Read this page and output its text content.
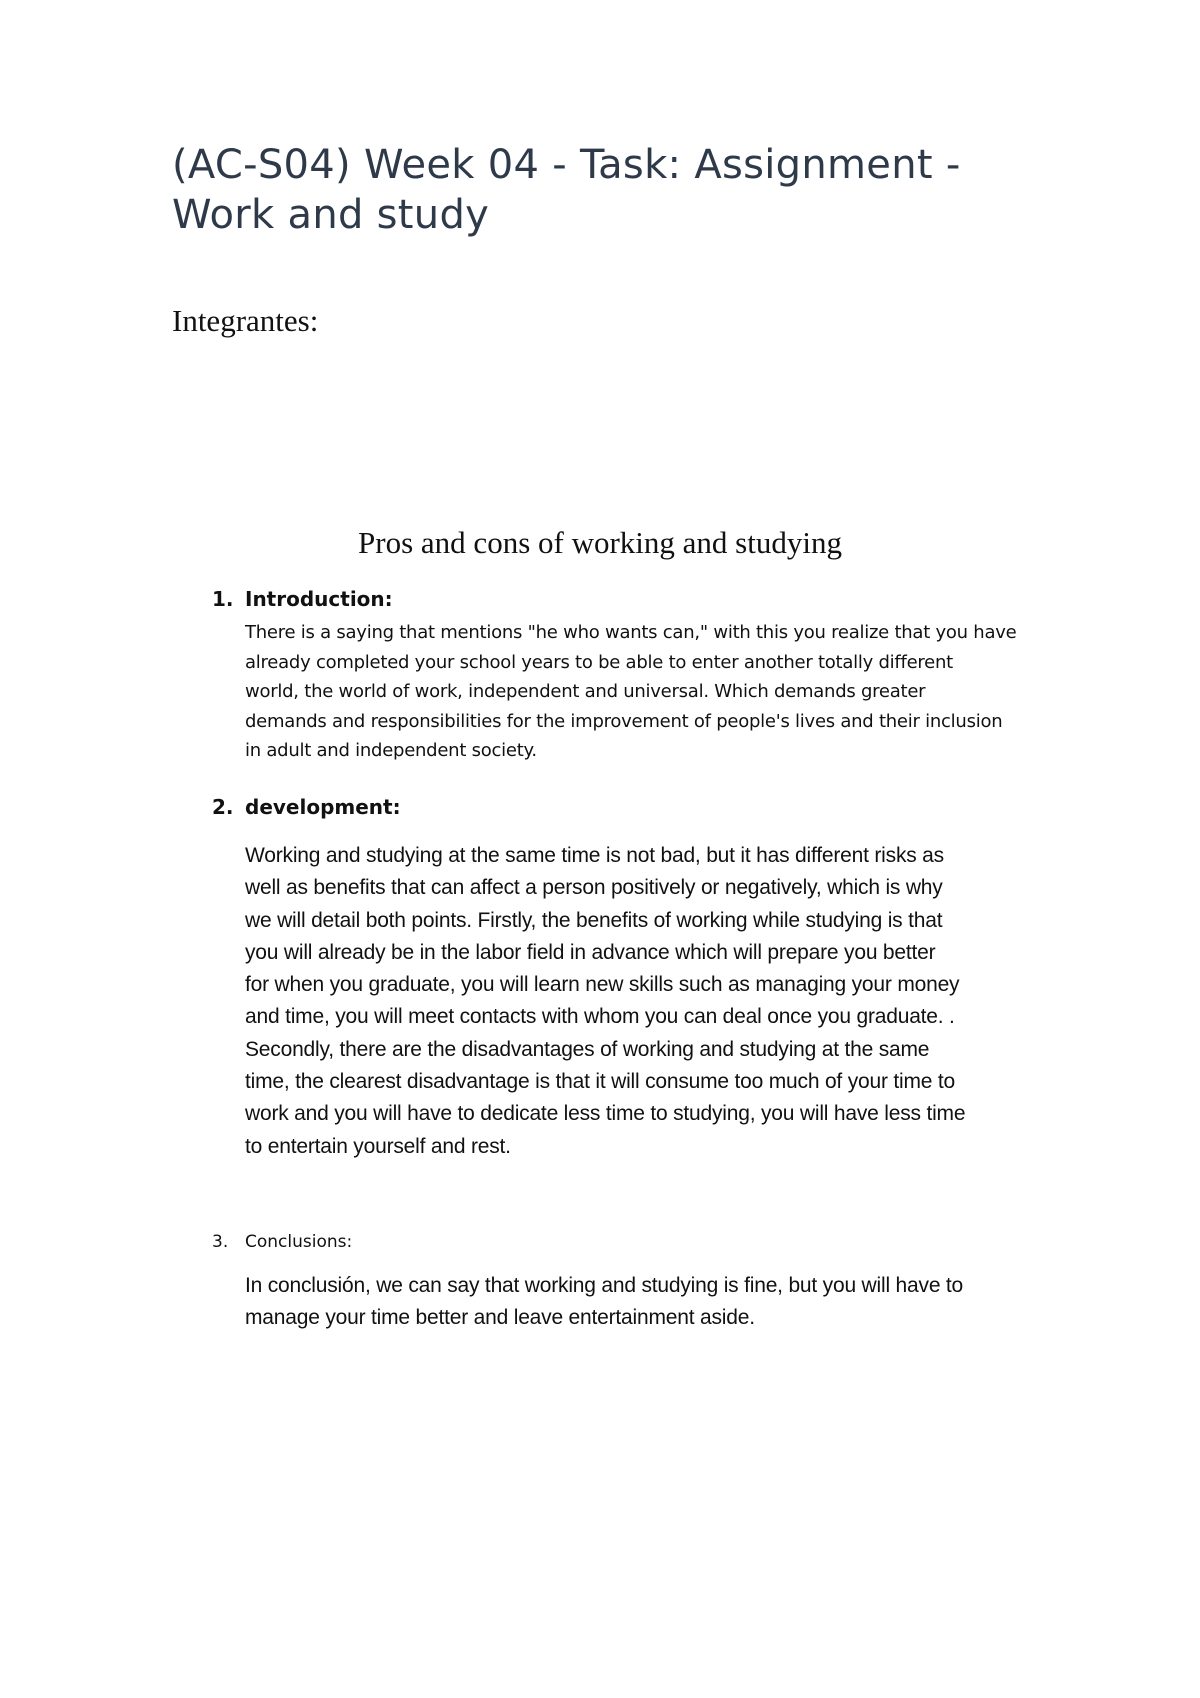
(AC-S04) Week 04 - Task: Assignment -
Work and study

Integrantes:

Pros and cons of working and studying
1. Introduction:

There is a saying that mentions "he who wants can," with this you realize that you have
already completed your school years to be able to enter another totally different
world, the world of work, independent and universal. Which demands greater
demands and responsibilities for the improvement of people's lives and their inclusion
in adult and independent society.

2. development:

Working and studying at the same time is not bad, but it has different risks as
well as benefits that can affect a person positively or negatively, which is why
we will detail both points. Firstly, the benefits of working while studying is that
you will already be in the labor field in advance which will prepare you better
for when you graduate, you will learn new skills such as managing your money
and time, you will meet contacts with whom you can deal once you graduate. .
Secondly, there are the disadvantages of working and studying at the same
time, the clearest disadvantage is that it will consume too much of your time to
work and you will have to dedicate less time to studying, you will have less time
to entertain yourself and rest.

3. Conclusions:

In conclusión, we can say that working and studying is fine, but you will have to
manage your time better and leave entertainment aside.
